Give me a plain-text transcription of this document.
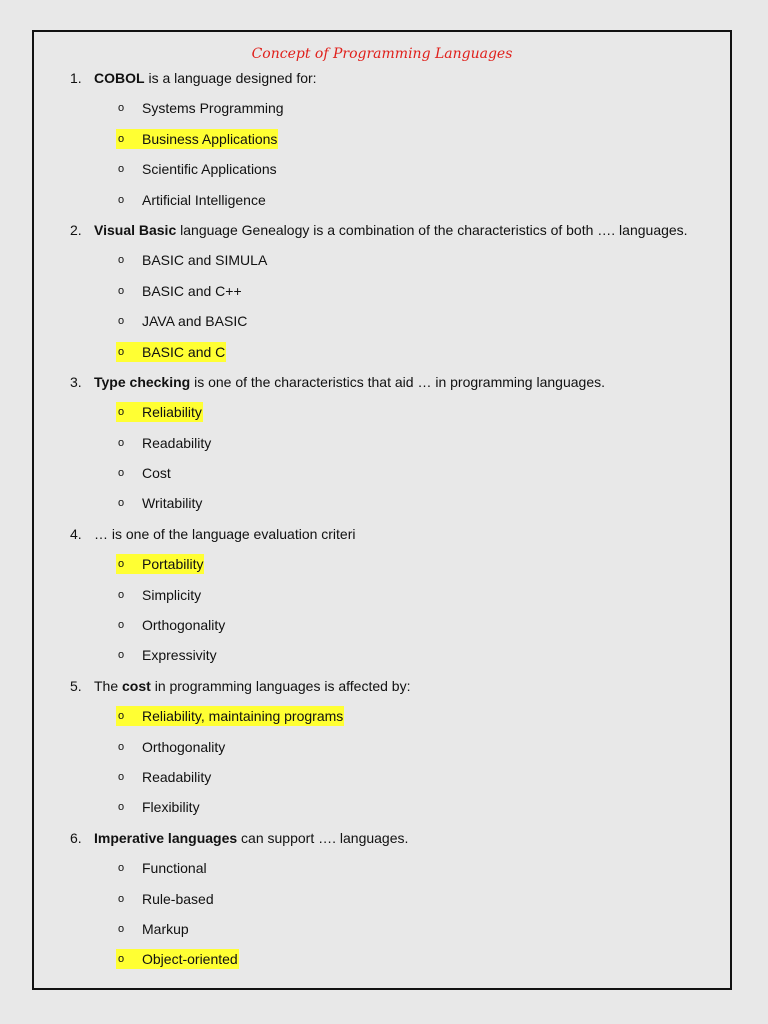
Concept of Programming Languages
1. COBOL is a language designed for:
o	Systems Programming
o	Business Applications
o	Scientific Applications
o	Artificial Intelligence
2. Visual Basic language Genealogy is a combination of the characteristics of both …. languages.
o	BASIC and SIMULA
o	BASIC and C++
o	JAVA and BASIC
o	BASIC and C
3. Type checking is one of the characteristics that aid … in programming languages.
o	Reliability
o	Readability
o	Cost
o	Writability
4. … is one of the language evaluation criteri
o	Portability
o	Simplicity
o	Orthogonality
o	Expressivity
5. The cost in programming languages is affected by:
o	Reliability, maintaining programs
o	Orthogonality
o	Readability
o	Flexibility
6. Imperative languages can support …. languages.
o	Functional
o	Rule-based
o	Markup
o	Object-oriented
